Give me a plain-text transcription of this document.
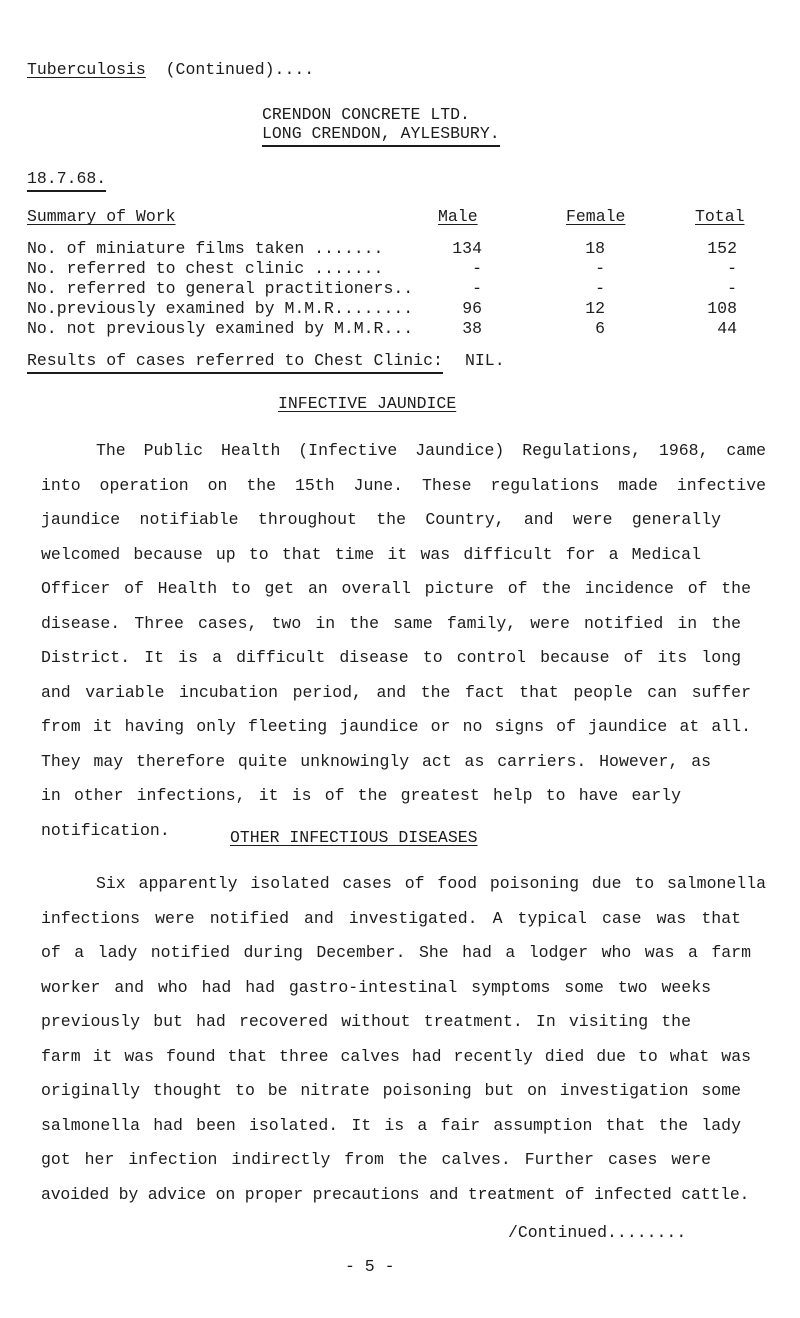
Tuberculosis (Continued)....
CRENDON CONCRETE LTD.
LONG CRENDON, AYLESBURY.
18.7.68.
Summary of Work	Male	Female	Total
No. of miniature films taken .......	134	18	152
No. referred to chest clinic .......	-	-	-
No. referred to general practitioners..	-	-	-
No.previously examined by M.M.R........	96	12	108
No. not previously examined by M.M.R...	38	6	44
Results of cases referred to Chest Clinic: NIL.
INFECTIVE JAUNDICE
The Public Health (Infective Jaundice) Regulations, 1968, came
into operation on the 15th June. These regulations made infective
jaundice notifiable throughout the Country, and were generally
welcomed because up to that time it was difficult for a Medical
Officer of Health to get an overall picture of the incidence of the
disease. Three cases, two in the same family, were notified in the
District. It is a difficult disease to control because of its long
and variable incubation period, and the fact that people can suffer
from it having only fleeting jaundice or no signs of jaundice at all.
They may therefore quite unknowingly act as carriers. However, as
in other infections, it is of the greatest help to have early
notification.	OTHER INFECTIOUS DISEASES
Six apparently isolated cases of food poisoning due to salmonella
infections were notified and investigated. A typical case was that
of a lady notified during December. She had a lodger who was a farm
worker and who had had gastro-intestinal symptoms some two weeks
previously but had recovered without treatment. In visiting the
farm it was found that three calves had recently died due to what was
originally thought to be nitrate poisoning but on investigation some
salmonella had been isolated. It is a fair assumption that the lady
got her infection indirectly from the calves. Further cases were
avoided by advice on proper precautions and treatment of infected cattle.
/Continued........
- 5 -
